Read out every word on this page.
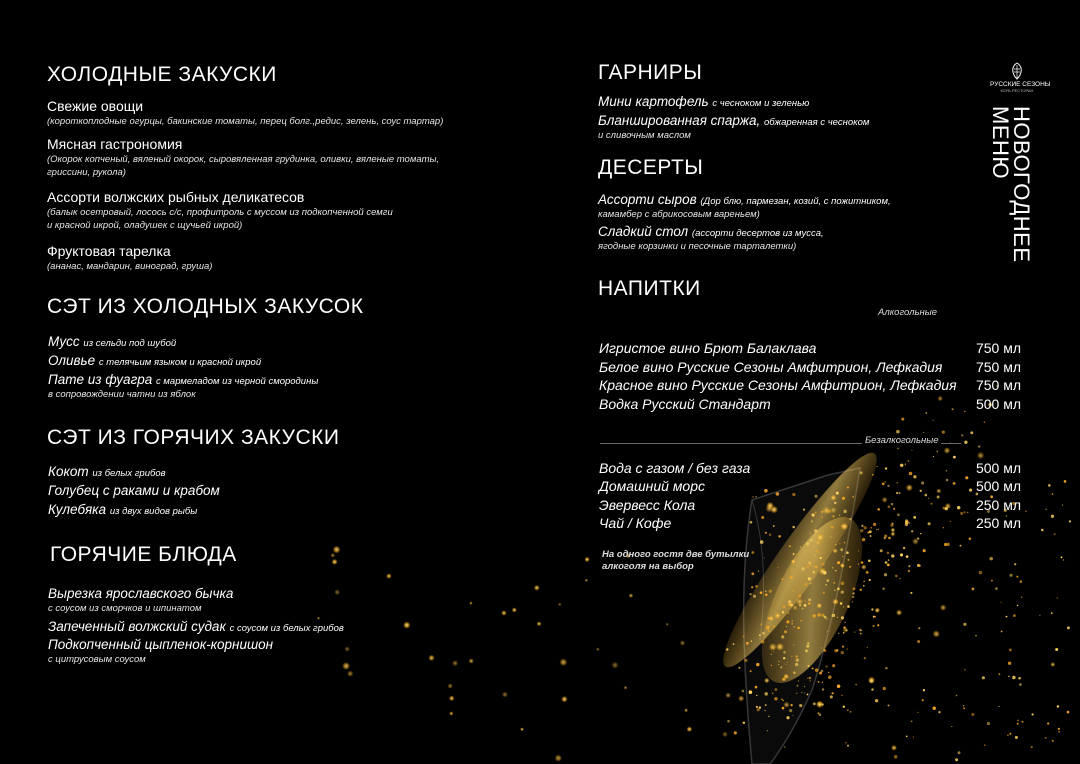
ХОЛОДНЫЕ ЗАКУСКИ
Свежие овощи
(короткоплодные огурцы, бакинские томаты, перец болг.,редис, зелень, соус тартар)
Мясная гастрономия
(Окорок копченый, вяленый окорок, сыровяленная грудинка, оливки, вяленые томаты,
гриссини, рукола)
Ассорти волжских рыбных деликатесов
(балык осетровый, лосось с/с, профитроль с муссом из подкопченной семги
и красной икрой, оладушек с щучьей икрой)
Фруктовая тарелка
(ананас, мандарин, виноград, груша)
СЭТ ИЗ ХОЛОДНЫХ ЗАКУСОК
Мусс из сельди под шубой
Оливье с телячьим языком и красной икрой
Пате из фуагра с мармеладом из черной смородины
в сопровождении чатни из яблок
СЭТ ИЗ ГОРЯЧИХ ЗАКУСКИ
Кокот из белых грибов
Голубец с раками и крабом
Кулебяка из двух видов рыбы
ГОРЯЧИЕ БЛЮДА
Вырезка ярославского бычка
с соусом из сморчков и шпинатом
Запеченный волжский судак с соусом из белых грибов
Подкопченный цыпленок-корнишон
с цитрусовым соусом
ГАРНИРЫ
Мини картофель с чесноком и зеленью
Бланшированная спаржа, обжаренная с чесноком
и сливочным маслом
ДЕСЕРТЫ
Ассорти сыров (Дор блю, пармезан, козий, с пожитником,
камамбер с абрикосовым вареньем)
Сладкий стол (ассорти десертов из мусса,
ягодные корзинки и песочные тарталетки)
НАПИТКИ
Алкогольные
Игристое вино Брют Балаклава	750 мл
Белое вино Русские Сезоны Амфитрион, Лефкадия	750 мл
Красное вино Русские Сезоны Амфитрион, Лефкадия	750 мл
Водка Русский Стандарт	500 мл
Безалкогольные
Вода с газом / без газа	500 мл
Домашний морс	500 мл
Эвервесс Кола	250 мл
Чай / Кофе	250 мл
На одного гостя две бутылки
алкоголя на выбор
РУССКИЕ СЕЗОНЫ
КЛУБ-РЕСТОРАН
НОВОГОДНЕЕ МЕНЮ
